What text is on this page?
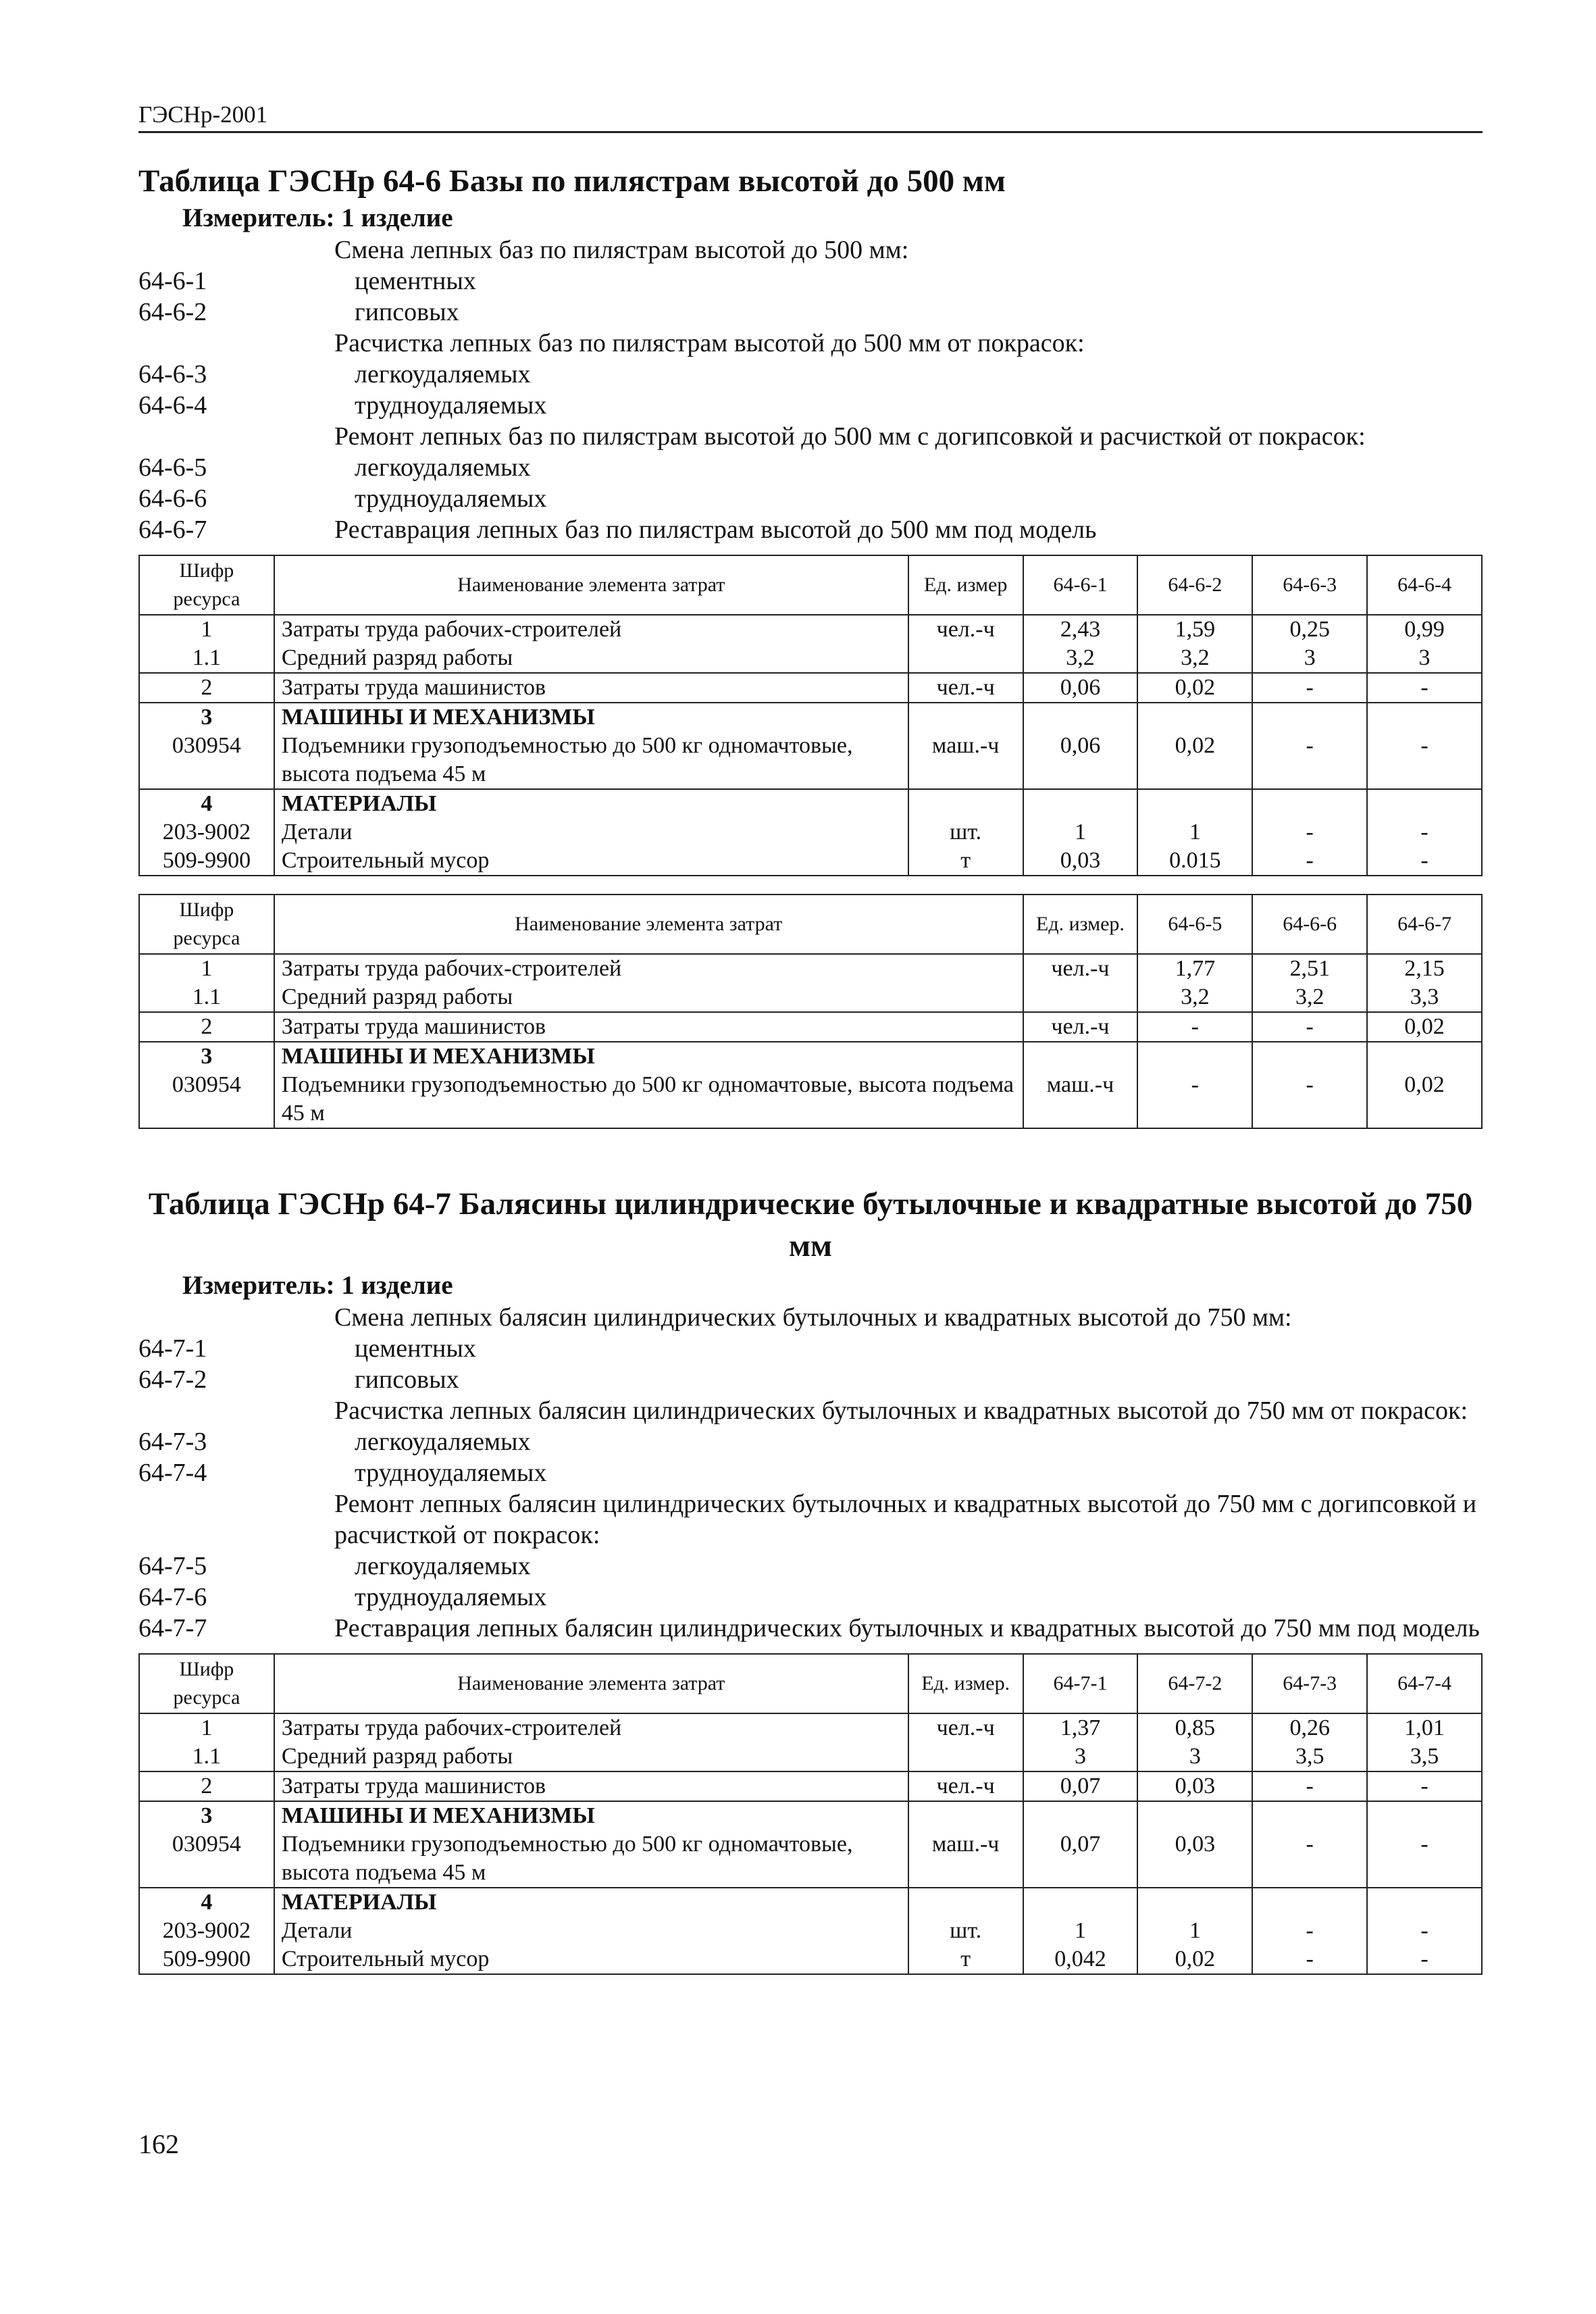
ГЭСНр-2001
Таблица ГЭСНр 64-6 Базы по пилястрам высотой до 500 мм
Измеритель: 1 изделие
Смена лепных баз по пилястрам высотой до 500 мм:
64-6-1	цементных
64-6-2	гипсовых
Расчистка лепных баз по пилястрам высотой до 500 мм от покрасок:
64-6-3	легкоудаляемых
64-6-4	трудноудаляемых
Ремонт лепных баз по пилястрам высотой до 500 мм с догипсовкой и расчисткой от покрасок:
64-6-5	легкоудаляемых
64-6-6	трудноудаляемых
64-6-7	Реставрация лепных баз по пилястрам высотой до 500 мм под модель
Шифр ресурса	Наименование элемента затрат	Ед. измер	64-6-1	64-6-2	64-6-3	64-6-4
1	Затраты труда рабочих-строителей	чел.-ч	2,43	1,59	0,25	0,99
1.1	Средний разряд работы		3,2	3,2	3	3
2	Затраты труда машинистов	чел.-ч	0,06	0,02	-	-
3	МАШИНЫ И МЕХАНИЗМЫ					
030954	Подъемники грузоподъемностью до 500 кг одномачтовые, высота подъема 45 м	маш.-ч	0,06	0,02	-	-
4	МАТЕРИАЛЫ					
203-9002	Детали	шт.	1	1	-	-
509-9900	Строительный мусор	т	0,03	0.015	-	-
Шифр ресурса	Наименование элемента затрат	Ед. измер.	64-6-5	64-6-6	64-6-7
1	Затраты труда рабочих-строителей	чел.-ч	1,77	2,51	2,15
1.1	Средний разряд работы		3,2	3,2	3,3
2	Затраты труда машинистов	чел.-ч	-	-	0,02
3	МАШИНЫ И МЕХАНИЗМЫ				
030954	Подъемники грузоподъемностью до 500 кг одномачтовые, высота подъема 45 м	маш.-ч	-	-	0,02
Таблица ГЭСНр 64-7 Балясины цилиндрические бутылочные и квадратные высотой до 750 мм
Измеритель: 1 изделие
Смена лепных балясин цилиндрических бутылочных и квадратных высотой до 750 мм:
64-7-1	цементных
64-7-2	гипсовых
Расчистка лепных балясин цилиндрических бутылочных и квадратных высотой до 750 мм от покрасок:
64-7-3	легкоудаляемых
64-7-4	трудноудаляемых
Ремонт лепных балясин цилиндрических бутылочных и квадратных высотой до 750 мм с догипсовкой и расчисткой от покрасок:
64-7-5	легкоудаляемых
64-7-6	трудноудаляемых
64-7-7	Реставрация лепных балясин цилиндрических бутылочных и квадратных высотой до 750 мм под модель
Шифр ресурса	Наименование элемента затрат	Ед. измер.	64-7-1	64-7-2	64-7-3	64-7-4
1	Затраты труда рабочих-строителей	чел.-ч	1,37	0,85	0,26	1,01
1.1	Средний разряд работы		3	3	3,5	3,5
2	Затраты труда машинистов	чел.-ч	0,07	0,03	-	-
3	МАШИНЫ И МЕХАНИЗМЫ					
030954	Подъемники грузоподъемностью до 500 кг одномачтовые, высота подъема 45 м	маш.-ч	0,07	0,03	-	-
4	МАТЕРИАЛЫ					
203-9002	Детали	шт.	1	1	-	-
509-9900	Строительный мусор	т	0,042	0,02	-	-
162
